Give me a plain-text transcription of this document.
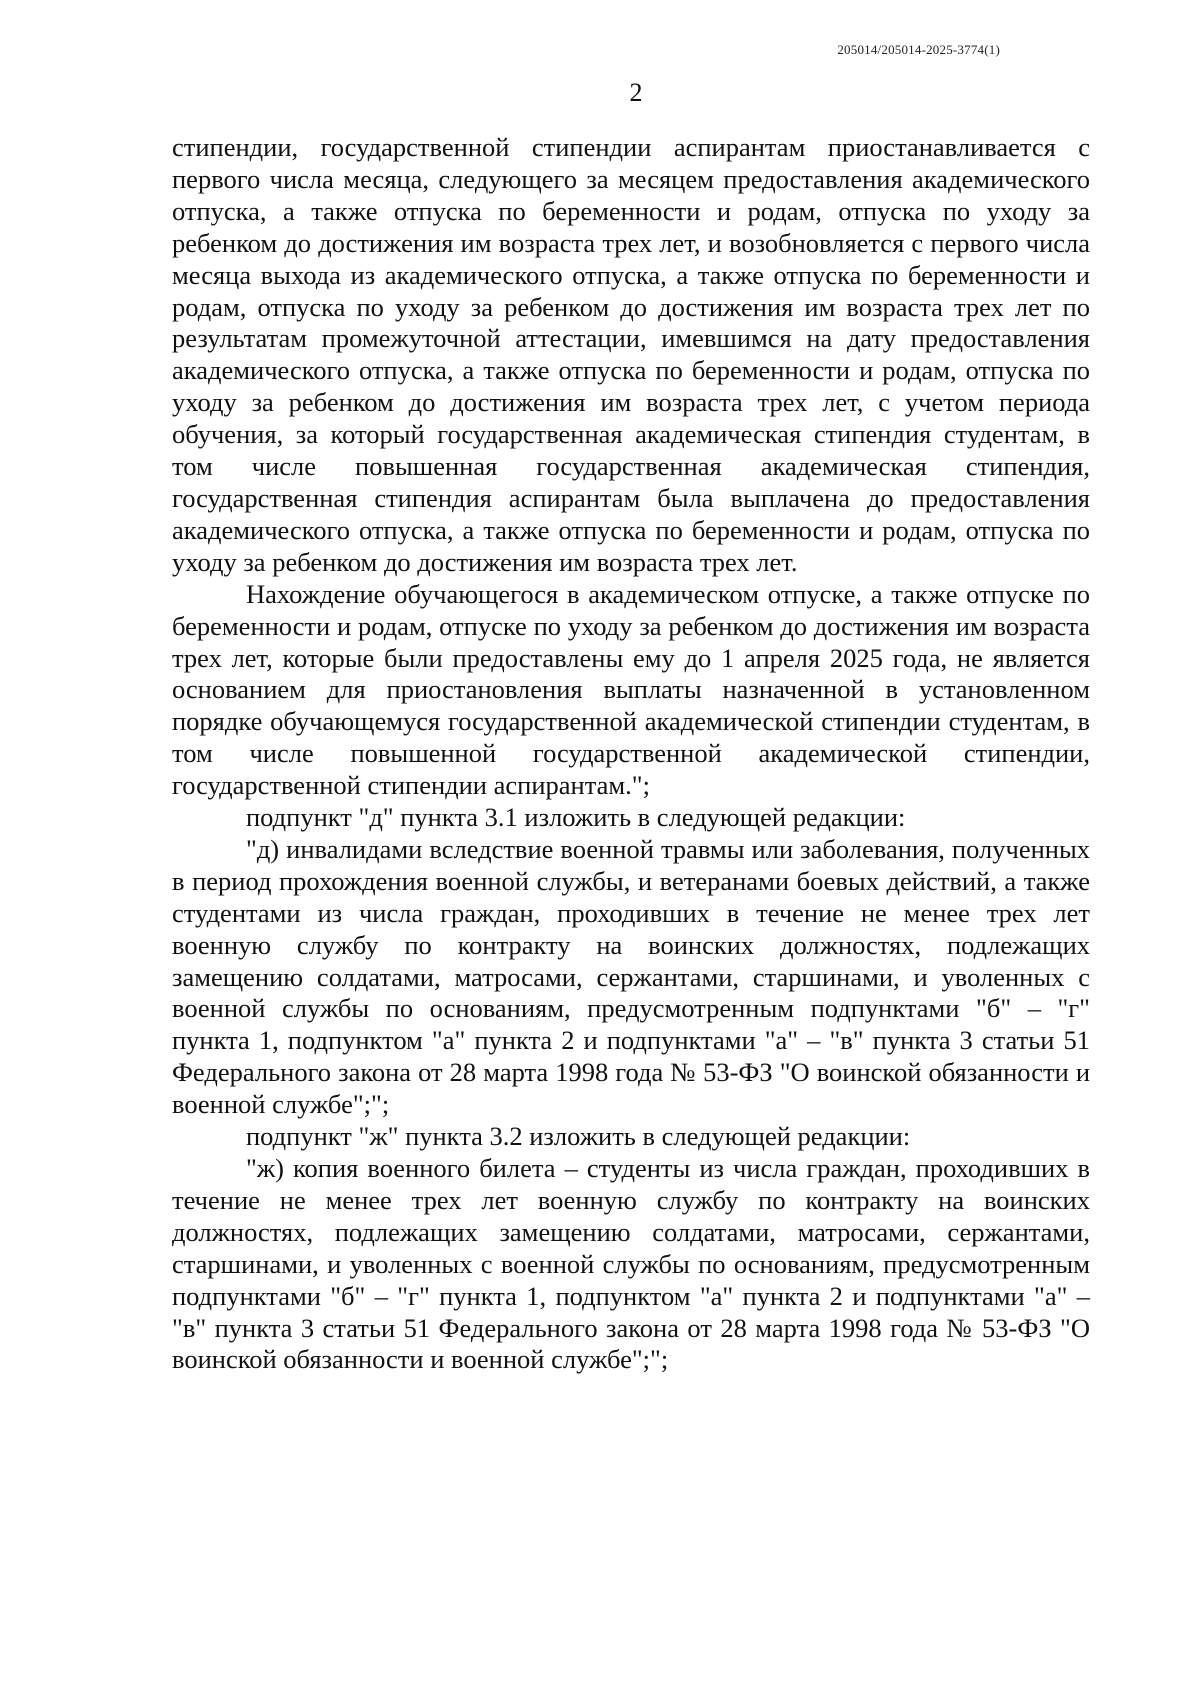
205014/205014-2025-3774(1)
2

стипендии, государственной стипендии аспирантам приостанавливается с первого числа месяца, следующего за месяцем предоставления академического отпуска, а также отпуска по беременности и родам, отпуска по уходу за ребенком до достижения им возраста трех лет, и возобновляется с первого числа месяца выхода из академического отпуска, а также отпуска по беременности и родам, отпуска по уходу за ребенком до достижения им возраста трех лет по результатам промежуточной аттестации, имевшимся на дату предоставления академического отпуска, а также отпуска по беременности и родам, отпуска по уходу за ребенком до достижения им возраста трех лет, с учетом периода обучения, за который государственная академическая стипендия студентам, в том числе повышенная государственная академическая стипендия, государственная стипендия аспирантам была выплачена до предоставления академического отпуска, а также отпуска по беременности и родам, отпуска по уходу за ребенком до достижения им возраста трех лет.

Нахождение обучающегося в академическом отпуске, а также отпуске по беременности и родам, отпуске по уходу за ребенком до достижения им возраста трех лет, которые были предоставлены ему до 1 апреля 2025 года, не является основанием для приостановления выплаты назначенной в установленном порядке обучающемуся государственной академической стипендии студентам, в том числе повышенной государственной академической стипендии, государственной стипендии аспирантам.";

подпункт "д" пункта 3.1 изложить в следующей редакции:

"д) инвалидами вследствие военной травмы или заболевания, полученных в период прохождения военной службы, и ветеранами боевых действий, а также студентами из числа граждан, проходивших в течение не менее трех лет военную службу по контракту на воинских должностях, подлежащих замещению солдатами, матросами, сержантами, старшинами, и уволенных с военной службы по основаниям, предусмотренным подпунктами "б" – "г" пункта 1, подпунктом "а" пункта 2 и подпунктами "а" – "в" пункта 3 статьи 51 Федерального закона от 28 марта 1998 года № 53-ФЗ "О воинской обязанности и военной службе";";

подпункт "ж" пункта 3.2 изложить в следующей редакции:

"ж) копия военного билета – студенты из числа граждан, проходивших в течение не менее трех лет военную службу по контракту на воинских должностях, подлежащих замещению солдатами, матросами, сержантами, старшинами, и уволенных с военной службы по основаниям, предусмотренным подпунктами "б" – "г" пункта 1, подпунктом "а" пункта 2 и подпунктами "а" – "в" пункта 3 статьи 51 Федерального закона от 28 марта 1998 года № 53-ФЗ "О воинской обязанности и военной службе";";
